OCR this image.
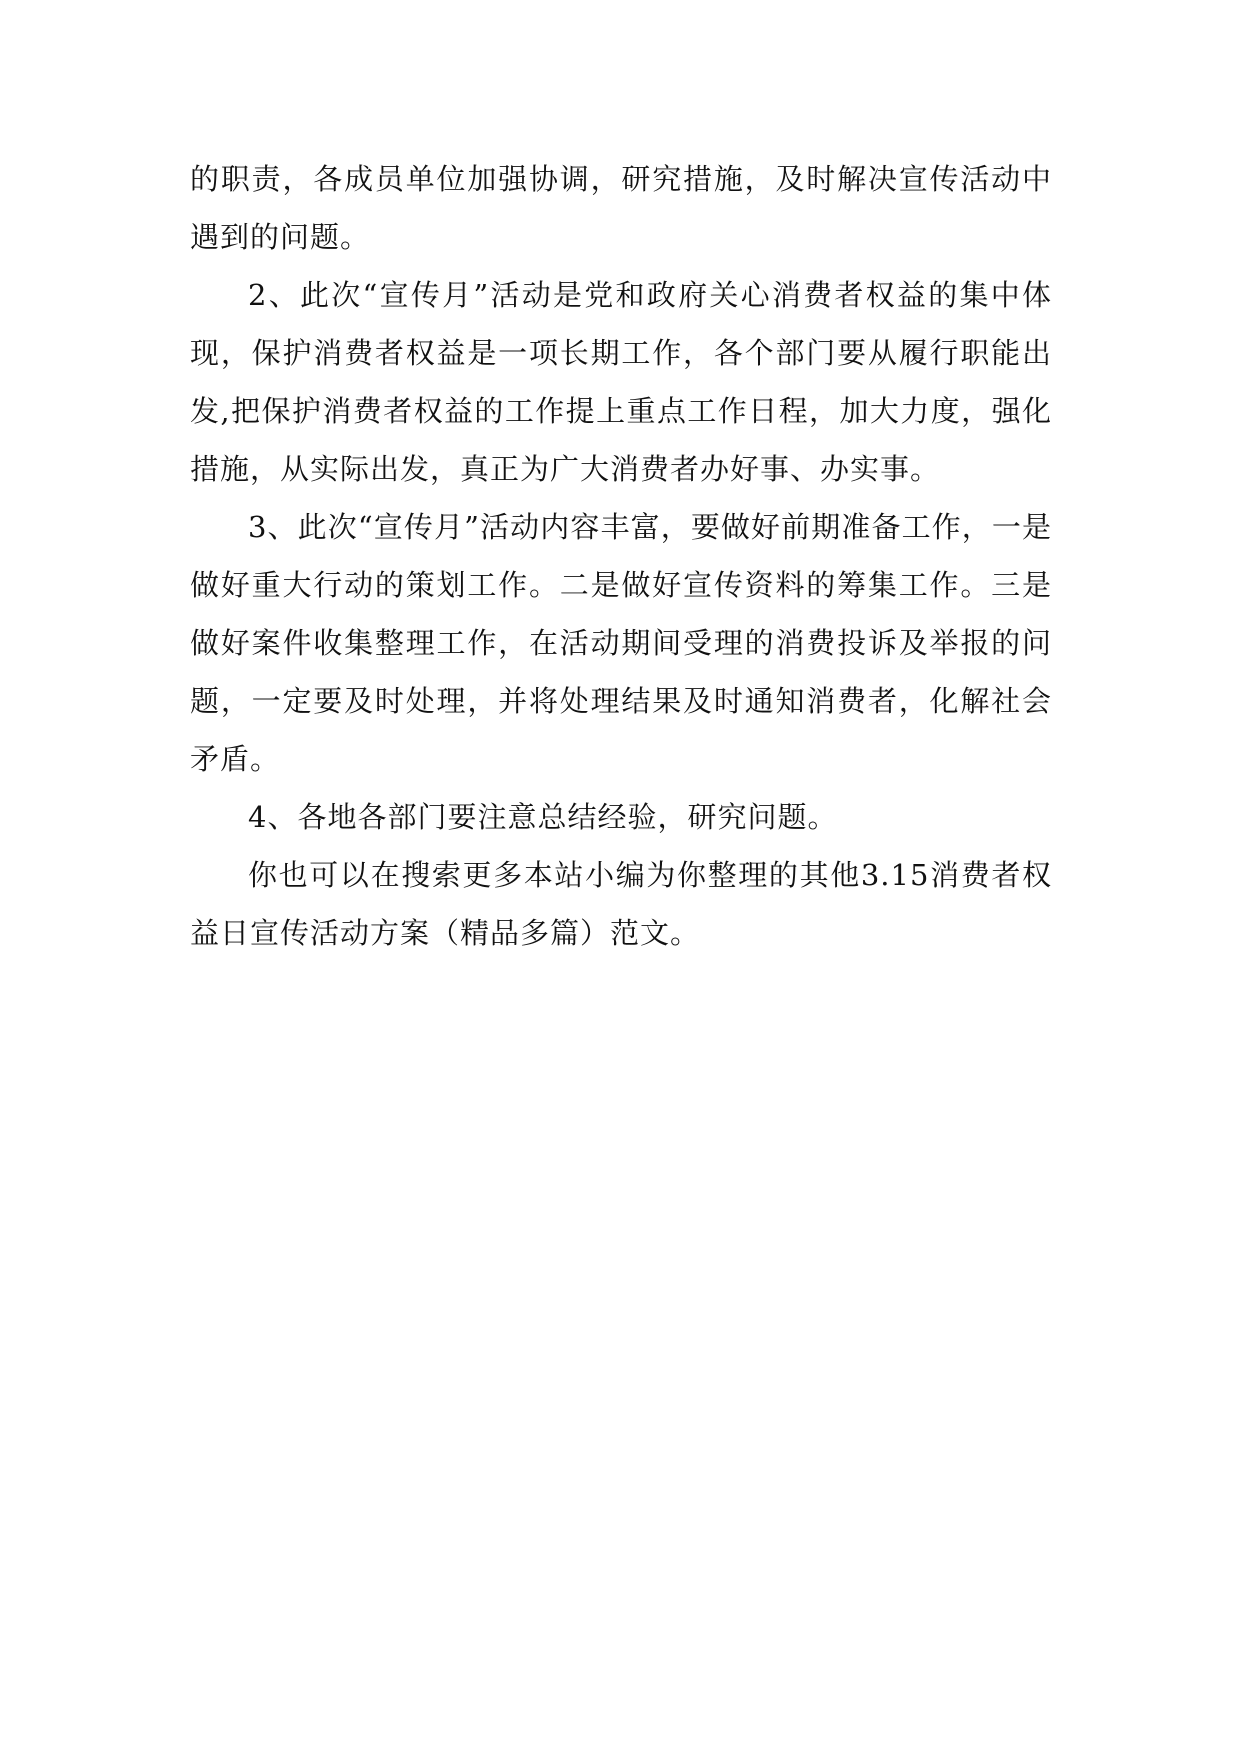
的职责，各成员单位加强协调，研究措施，及时解决宣传活动中遇到的问题。

2、此次“宣传月”活动是党和政府关心消费者权益的集中体现，保护消费者权益是一项长期工作，各个部门要从履行职能出发,把保护消费者权益的工作提上重点工作日程，加大力度，强化措施，从实际出发，真正为广大消费者办好事、办实事。

3、此次“宣传月”活动内容丰富，要做好前期准备工作，一是做好重大行动的策划工作。二是做好宣传资料的筹集工作。三是做好案件收集整理工作，在活动期间受理的消费投诉及举报的问题，一定要及时处理，并将处理结果及时通知消费者，化解社会矛盾。

4、各地各部门要注意总结经验，研究问题。

你也可以在搜索更多本站小编为你整理的其他3.15消费者权益日宣传活动方案（精品多篇）范文。
